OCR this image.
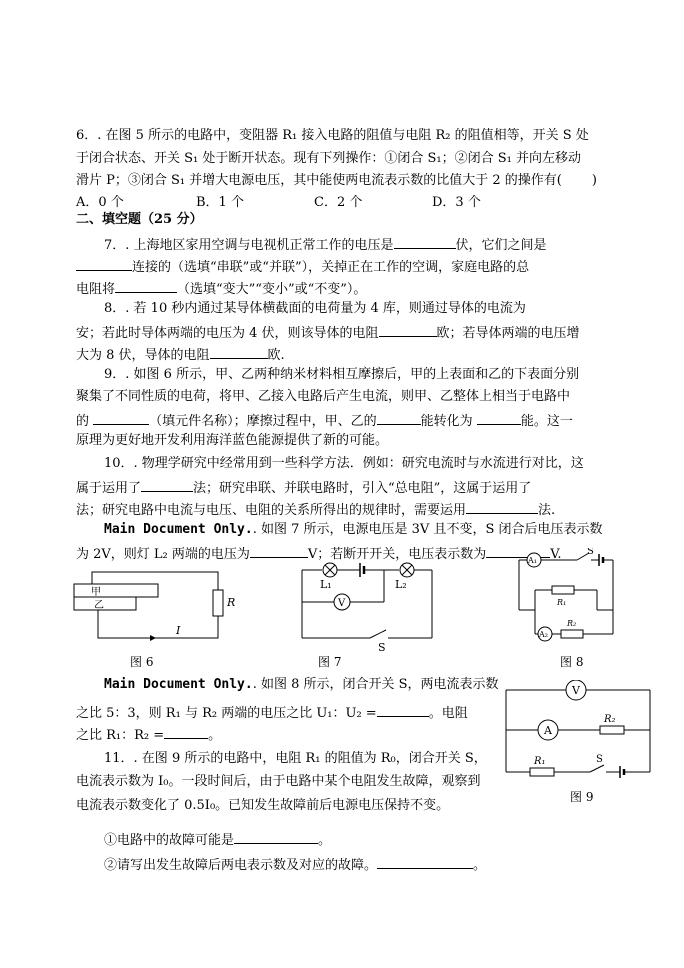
6．. 在图 5 所示的电路中，变阻器 R₁ 接入电路的阻值与电阻 R₂ 的阻值相等，开关 S 处
于闭合状态、开关 S₁ 处于断开状态。现有下列操作：①闭合 S₁；②闭合 S₁ 并向左移动
滑片 P；③闭合 S₁ 并增大电源电压，其中能使两电流表示数的比值大于 2 的操作有( )
A．0 个	B．1 个	C．2 个	D．3 个
二、填空题（25 分）
7．. 上海地区家用空调与电视机正常工作的电压是	伏，它们之间是
连接的（选填“串联”或“并联”），关掉正在工作的空调，家庭电路的总
电阻将	（选填“变大”“变小”或“不变”）。
8．. 若 10 秒内通过某导体横截面的电荷量为 4 库，则通过导体的电流为
安；若此时导体两端的电压为 4 伏，则该导体的电阻	欧；若导体两端的电压增
大为 8 伏，导体的电阻	欧.
9．. 如图 6 所示，甲、乙两种纳米材料相互摩擦后，甲的上表面和乙的下表面分别
聚集了不同性质的电荷，将甲、乙接入电路后产生电流，则甲、乙整体上相当于电路中
的	（填元件名称）；摩擦过程中，甲、乙的	能转化为	能。这一
原理为更好地开发利用海洋蓝色能源提供了新的可能。
10．. 物理学研究中经常用到一些科学方法．例如：研究电流时与水流进行对比，这
属于运用了	法；研究串联、并联电路时，引入“总电阻”，这属于运用了
法；研究电路中电流与电压、电阻的关系所得出的规律时，需要运用	法.
Main Document Only.. 如图 7 所示，电源电压是 3V 且不变，S 闭合后电压表示数
为 2V，则灯 L₂ 两端的电压为	V；若断开开关，电压表示数为	V.
甲
乙	R
I
图 6
V
L₁	L₂
S
图 7
A₁
A₂
S
R₁
R₂
图 8
Main Document Only.. 如图 8 所示，闭合开关 S，两电流表示数
之比 5：3，则 R₁ 与 R₂ 两端的电压之比 U₁：U₂ =	。电阻
之比 R₁：R₂ =	。
V
A
R₂
R₁	S
图 9
11．. 在图 9 所示的电路中，电阻 R₁ 的阻值为 R₀，闭合开关 S，
电流表示数为 I₀。一段时间后，由于电路中某个电阻发生故障，观察到
电流表示数变化了 0.5I₀。已知发生故障前后电源电压保持不变。
①电路中的故障可能是	。
②请写出发生故障后两电表示数及对应的故障。	。
